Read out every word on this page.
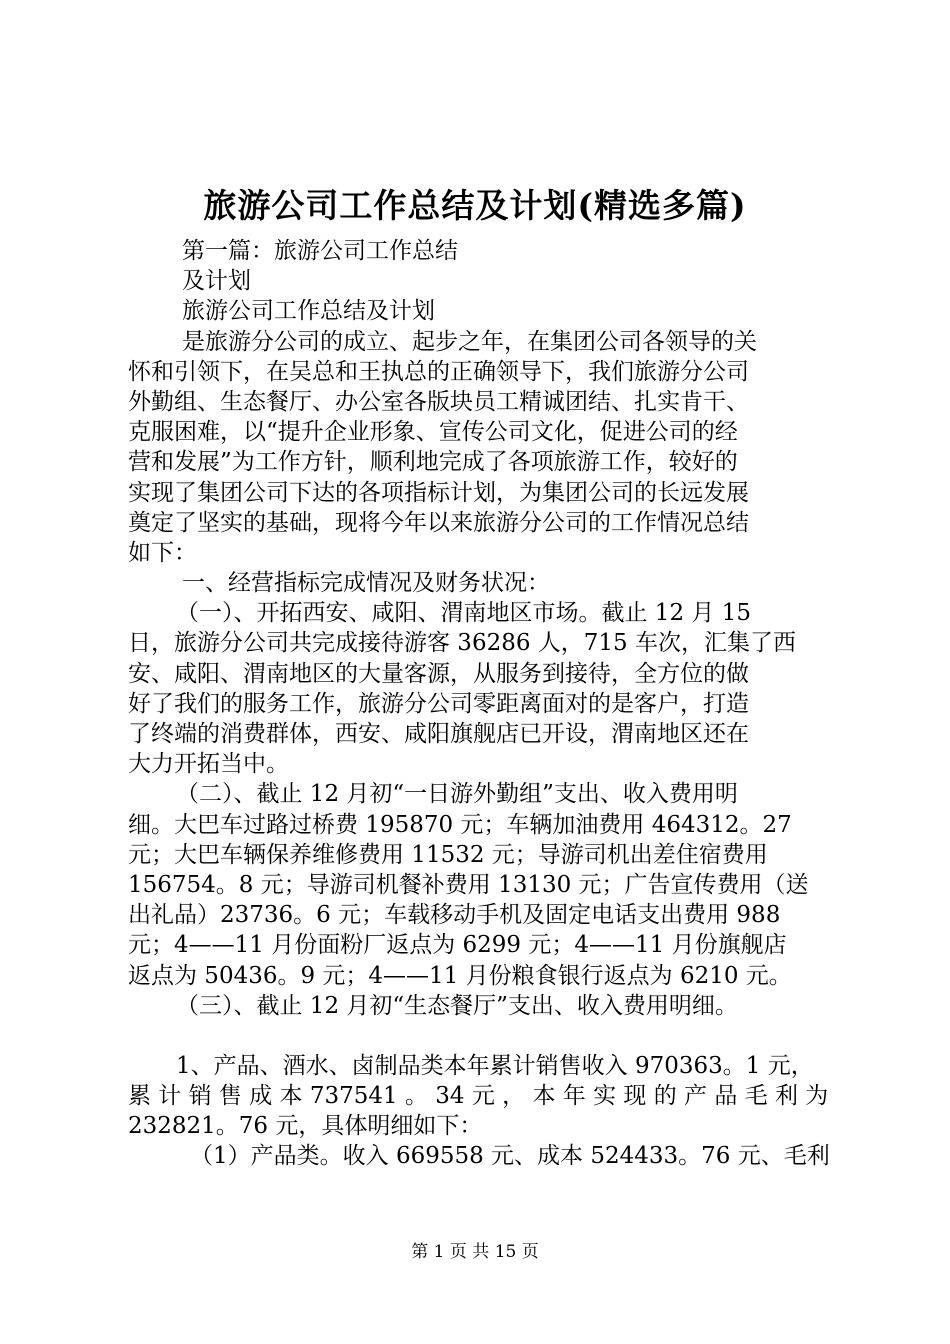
旅游公司工作总结及计划(精选多篇)
第一篇：旅游公司工作总结
及计划
旅游公司工作总结及计划
是旅游分公司的成立、起步之年，在集团公司各领导的关
怀和引领下，在吴总和王执总的正确领导下，我们旅游分公司
外勤组、生态餐厅、办公室各版块员工精诚团结、扎实肯干、
克服困难，以“提升企业形象、宣传公司文化，促进公司的经
营和发展”为工作方针，顺利地完成了各项旅游工作，较好的
实现了集团公司下达的各项指标计划，为集团公司的长远发展
奠定了坚实的基础，现将今年以来旅游分公司的工作情况总结
如下：
一、经营指标完成情况及财务状况：
（一）、开拓西安、咸阳、渭南地区市场。截止 12 月 15
日，旅游分公司共完成接待游客 36286 人，715 车次，汇集了西
安、咸阳、渭南地区的大量客源，从服务到接待，全方位的做
好了我们的服务工作，旅游分公司零距离面对的是客户，打造
了终端的消费群体，西安、咸阳旗舰店已开设，渭南地区还在
大力开拓当中。
（二）、截止 12 月初“一日游外勤组”支出、收入费用明
细。大巴车过路过桥费 195870 元；车辆加油费用 464312。27
元；大巴车辆保养维修费用 11532 元；导游司机出差住宿费用
156754。8 元；导游司机餐补费用 13130 元；广告宣传费用（送
出礼品）23736。6 元；车载移动手机及固定电话支出费用 988
元；4——11 月份面粉厂返点为 6299 元；4——11 月份旗舰店
返点为 50436。9 元；4——11 月份粮食银行返点为 6210 元。
（三）、截止 12 月初“生态餐厅”支出、收入费用明细。
1、产品、酒水、卤制品类本年累计销售收入 970363。1 元，
累 计 销 售 成 本 737541 。 34 元 ， 本 年 实 现 的 产 品 毛 利 为
232821。76 元，具体明细如下：
（1）产品类。收入 669558 元、成本 524433。76 元、毛利
第 1 页 共 15 页
